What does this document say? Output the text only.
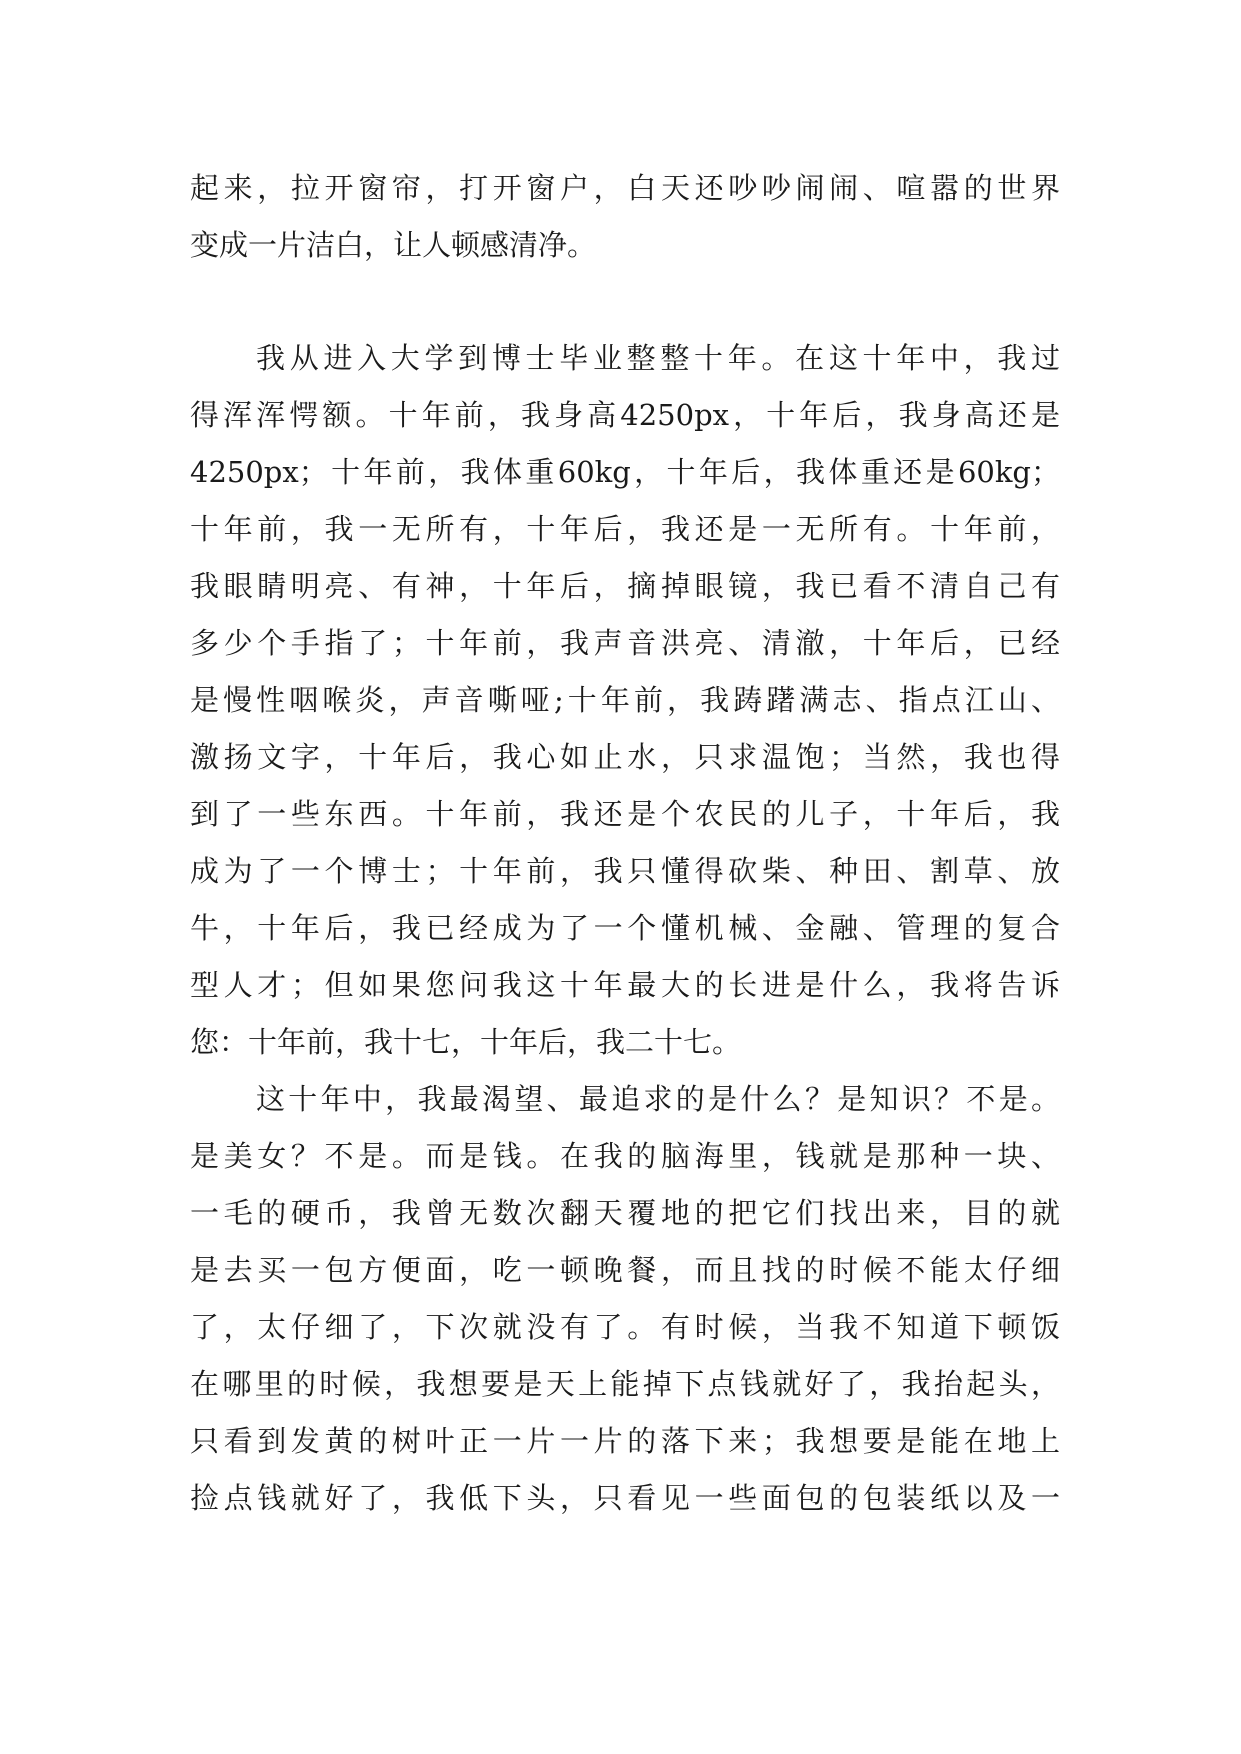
起来，拉开窗帘，打开窗户，白天还吵吵闹闹、喧嚣的世界
变成一片洁白，让人顿感清净。
我从进入大学到博士毕业整整十年。在这十年中，我过
得浑浑愕额。十年前，我身高4250px，十年后，我身高还是
4250px；十年前，我体重60kg，十年后，我体重还是60kg；
十年前，我一无所有，十年后，我还是一无所有。十年前，
我眼睛明亮、有神，十年后，摘掉眼镜，我已看不清自己有
多少个手指了；十年前，我声音洪亮、清澈，十年后，已经
是慢性咽喉炎，声音嘶哑;十年前，我踌躇满志、指点江山、
激扬文字，十年后，我心如止水，只求温饱；当然，我也得
到了一些东西。十年前，我还是个农民的儿子，十年后，我
成为了一个博士；十年前，我只懂得砍柴、种田、割草、放
牛，十年后，我已经成为了一个懂机械、金融、管理的复合
型人才；但如果您问我这十年最大的长进是什么，我将告诉
您：十年前，我十七，十年后，我二十七。
这十年中，我最渴望、最追求的是什么？是知识？不是。
是美女？不是。而是钱。在我的脑海里，钱就是那种一块、
一毛的硬币，我曾无数次翻天覆地的把它们找出来，目的就
是去买一包方便面，吃一顿晚餐，而且找的时候不能太仔细
了，太仔细了，下次就没有了。有时候，当我不知道下顿饭
在哪里的时候，我想要是天上能掉下点钱就好了，我抬起头，
只看到发黄的树叶正一片一片的落下来；我想要是能在地上
捡点钱就好了，我低下头，只看见一些面包的包装纸以及一
